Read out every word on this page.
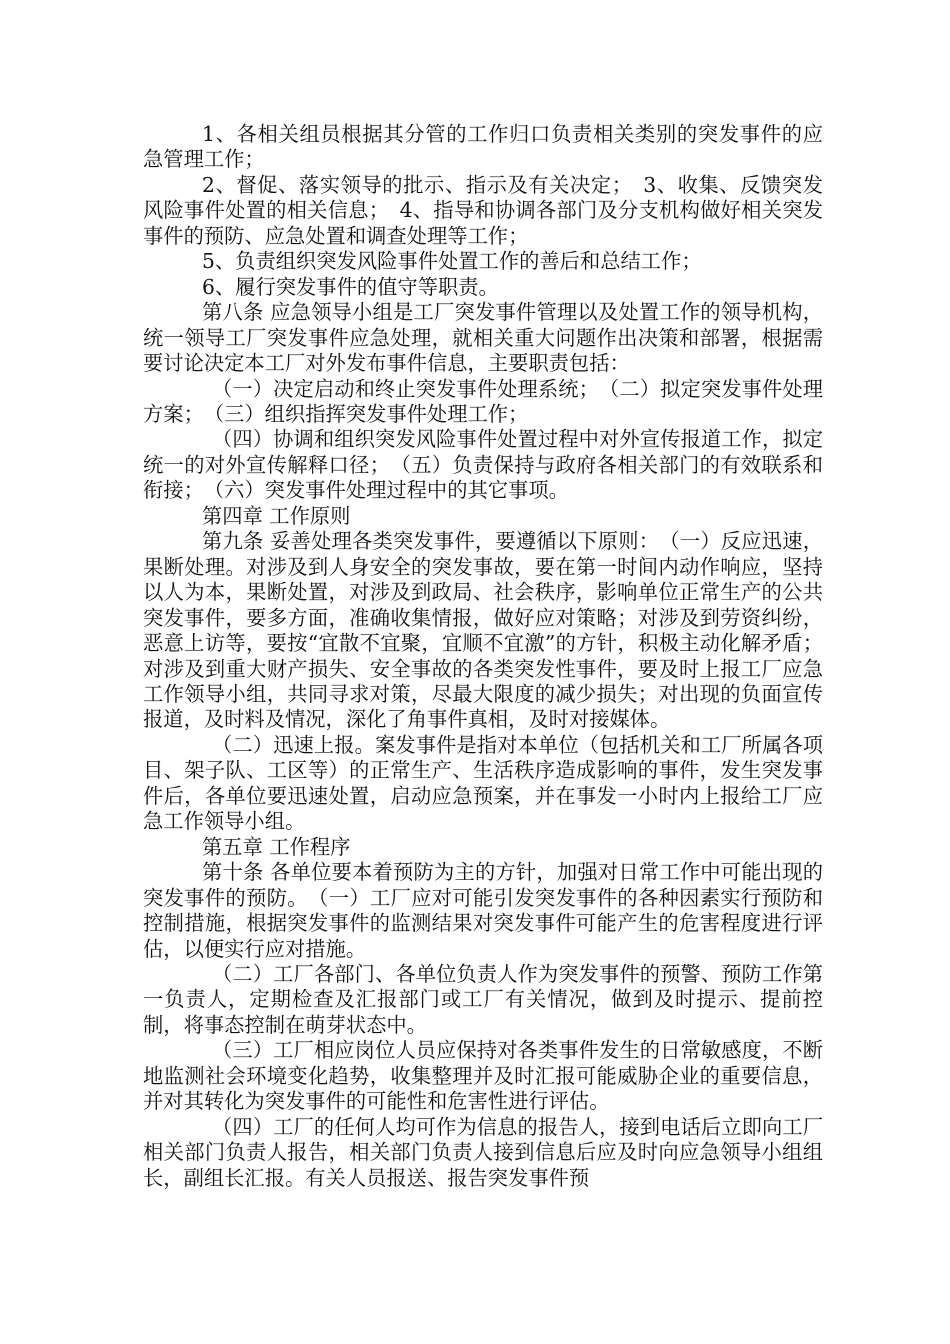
1、各相关组员根据其分管的工作归口负责相关类别的突发事件的应急管理工作；

2、督促、落实领导的批示、指示及有关决定；　3、收集、反馈突发风险事件处置的相关信息；　4、指导和协调各部门及分支机构做好相关突发事件的预防、应急处置和调查处理等工作；

5、负责组织突发风险事件处置工作的善后和总结工作；

6、履行突发事件的值守等职责。

第八条 应急领导小组是工厂突发事件管理以及处置工作的领导机构，统一领导工厂突发事件应急处理，就相关重大问题作出决策和部署，根据需要讨论决定本工厂对外发布事件信息，主要职责包括：

（一）决定启动和终止突发事件处理系统；　（二）拟定突发事件处理方案；　（三）组织指挥突发事件处理工作；

（四）协调和组织突发风险事件处置过程中对外宣传报道工作，拟定统一的对外宣传解释口径；　（五）负责保持与政府各相关部门的有效联系和衔接；　（六）突发事件处理过程中的其它事项。

第四章 工作原则

第九条 妥善处理各类突发事件，要遵循以下原则：　（一）反应迅速，果断处理。对涉及到人身安全的突发事故，要在第一时间内动作响应，坚持以人为本，果断处置，对涉及到政局、社会秩序，影响单位正常生产的公共突发事件，要多方面，准确收集情报，做好应对策略；对涉及到劳资纠纷，恶意上访等，要按“宜散不宜聚，宜顺不宜激”的方针，积极主动化解矛盾；对涉及到重大财产损失、安全事故的各类突发性事件，要及时上报工厂应急工作领导小组，共同寻求对策，尽最大限度的减少损失；对出现的负面宣传报道，及时料及情况，深化了角事件真相，及时对接媒体。

（二）迅速上报。案发事件是指对本单位（包括机关和工厂所属各项目、架子队、工区等）的正常生产、生活秩序造成影响的事件，发生突发事件后，各单位要迅速处置，启动应急预案，并在事发一小时内上报给工厂应急工作领导小组。

第五章 工作程序

第十条 各单位要本着预防为主的方针，加强对日常工作中可能出现的突发事件的预防。　（一）工厂应对可能引发突发事件的各种因素实行预防和控制措施，根据突发事件的监测结果对突发事件可能产生的危害程度进行评估，以便实行应对措施。

（二）工厂各部门、各单位负责人作为突发事件的预警、预防工作第一负责人，定期检查及汇报部门或工厂有关情况，做到及时提示、提前控制，将事态控制在萌芽状态中。

（三）工厂相应岗位人员应保持对各类事件发生的日常敏感度，不断地监测社会环境变化趋势，收集整理并及时汇报可能威胁企业的重要信息，并对其转化为突发事件的可能性和危害性进行评估。

（四）工厂的任何人均可作为信息的报告人，接到电话后立即向工厂相关部门负责人报告，相关部门负责人接到信息后应及时向应急领导小组组长，副组长汇报。有关人员报送、报告突发事件预
